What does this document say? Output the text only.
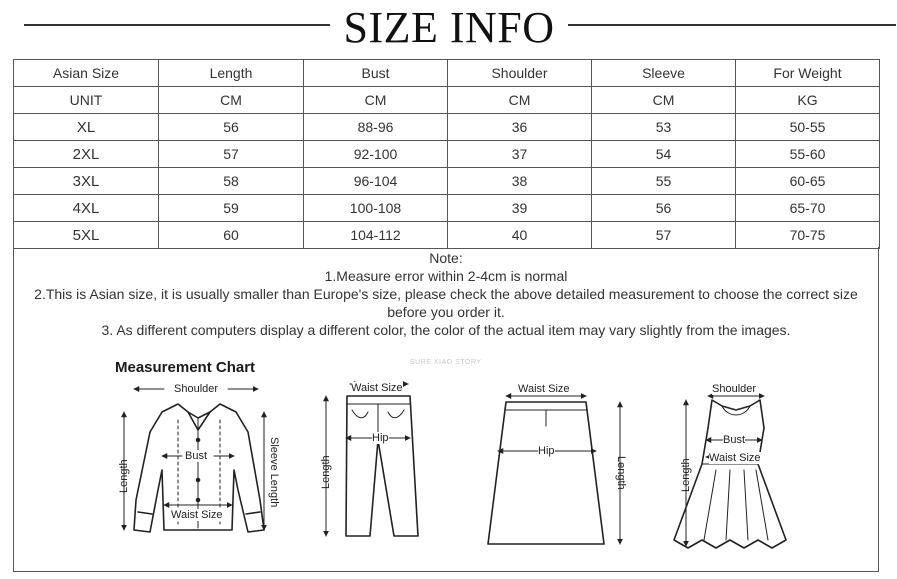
SIZE INFO
Asian Size	Length	Bust	Shoulder	Sleeve	For Weight
UNIT	CM	CM	CM	CM	KG
XL	56	88-96	36	53	50-55
2XL	57	92-100	37	54	55-60
3XL	58	96-104	38	55	60-65
4XL	59	100-108	39	56	65-70
5XL	60	104-112	40	57	70-75
Note:
1.Measure error within 2-4cm is normal
2.This is Asian size, it is usually smaller than Europe's size, please check the above detailed measurement to choose the correct size before you order it.
3. As different computers display a different color, the color of the actual item may vary slightly from the images.
Measurement Chart	SURE XIAO STORY
Shoulder
Bust
Waist Size
Length	Sleeve Length
Waist Size
Hip
Length
Waist Size
Hip
Length
Shoulder
Bust
Waist Size
Length
